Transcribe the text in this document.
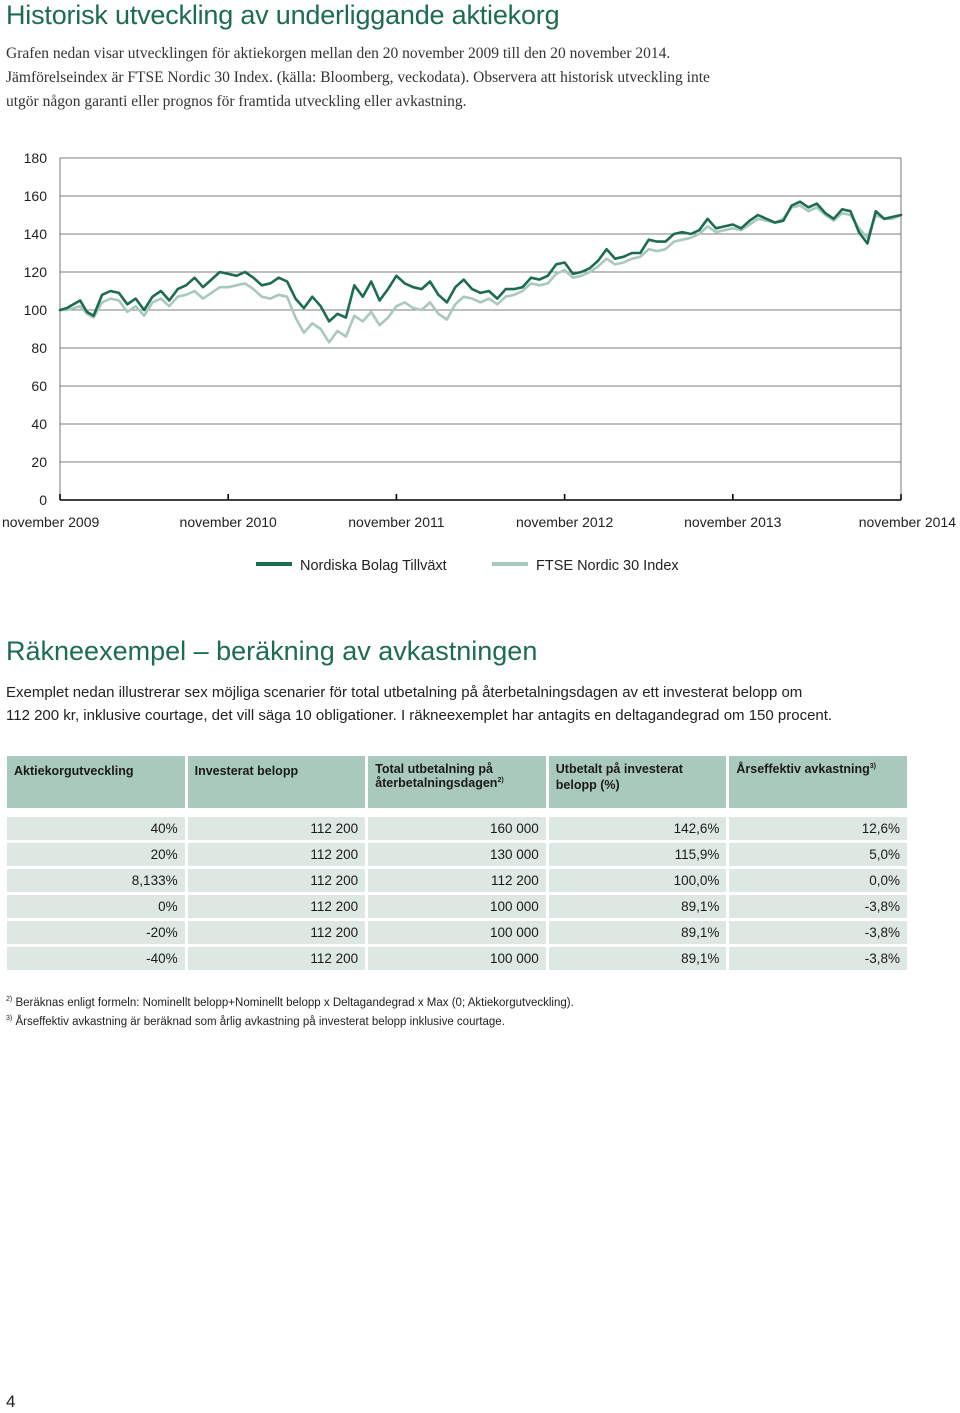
Historisk utveckling av underliggande aktiekorg
Grafen nedan visar utvecklingen för aktiekorgen mellan den 20 november 2009 till den 20 november 2014.
Jämförelseindex är FTSE Nordic 30 Index. (källa: Bloomberg, veckodata). Observera att historisk utveckling inte
utgör någon garanti eller prognos för framtida utveckling eller avkastning.
180
160
140
120
100
80
60
40
20
0
november 2009	november 2010	november 2011	november 2012	november 2013	november 2014
Nordiska Bolag Tillväxt	FTSE Nordic 30 Index
Räkneexempel – beräkning av avkastningen
Exemplet nedan illustrerar sex möjliga scenarier för total utbetalning på återbetalningsdagen av ett investerat belopp om
112 200 kr, inklusive courtage, det vill säga 10 obligationer. I räkneexemplet har antagits en deltagandegrad om 150 procent.
Aktiekorgutveckling	Investerat belopp	Total utbetalning på återbetalningsdagen$^{2)}$	Utbetalt på investerat belopp (%)	Årseffektiv avkastning$^{3)}$

40%	112 200	160 000	142,6%	12,6%
20%	112 200	130 000	115,9%	5,0%
8,133%	112 200	112 200	100,0%	0,0%
0%	112 200	100 000	89,1%	-3,8%
-20%	112 200	100 000	89,1%	-3,8%
-40%	112 200	100 000	89,1%	-3,8%
$^{2)}$ Beräknas enligt formeln: Nominellt belopp+Nominellt belopp x Deltagandegrad x Max (0; Aktiekorgutveckling).
$^{3)}$ Årseffektiv avkastning är beräknad som årlig avkastning på investerat belopp inklusive courtage.
4
